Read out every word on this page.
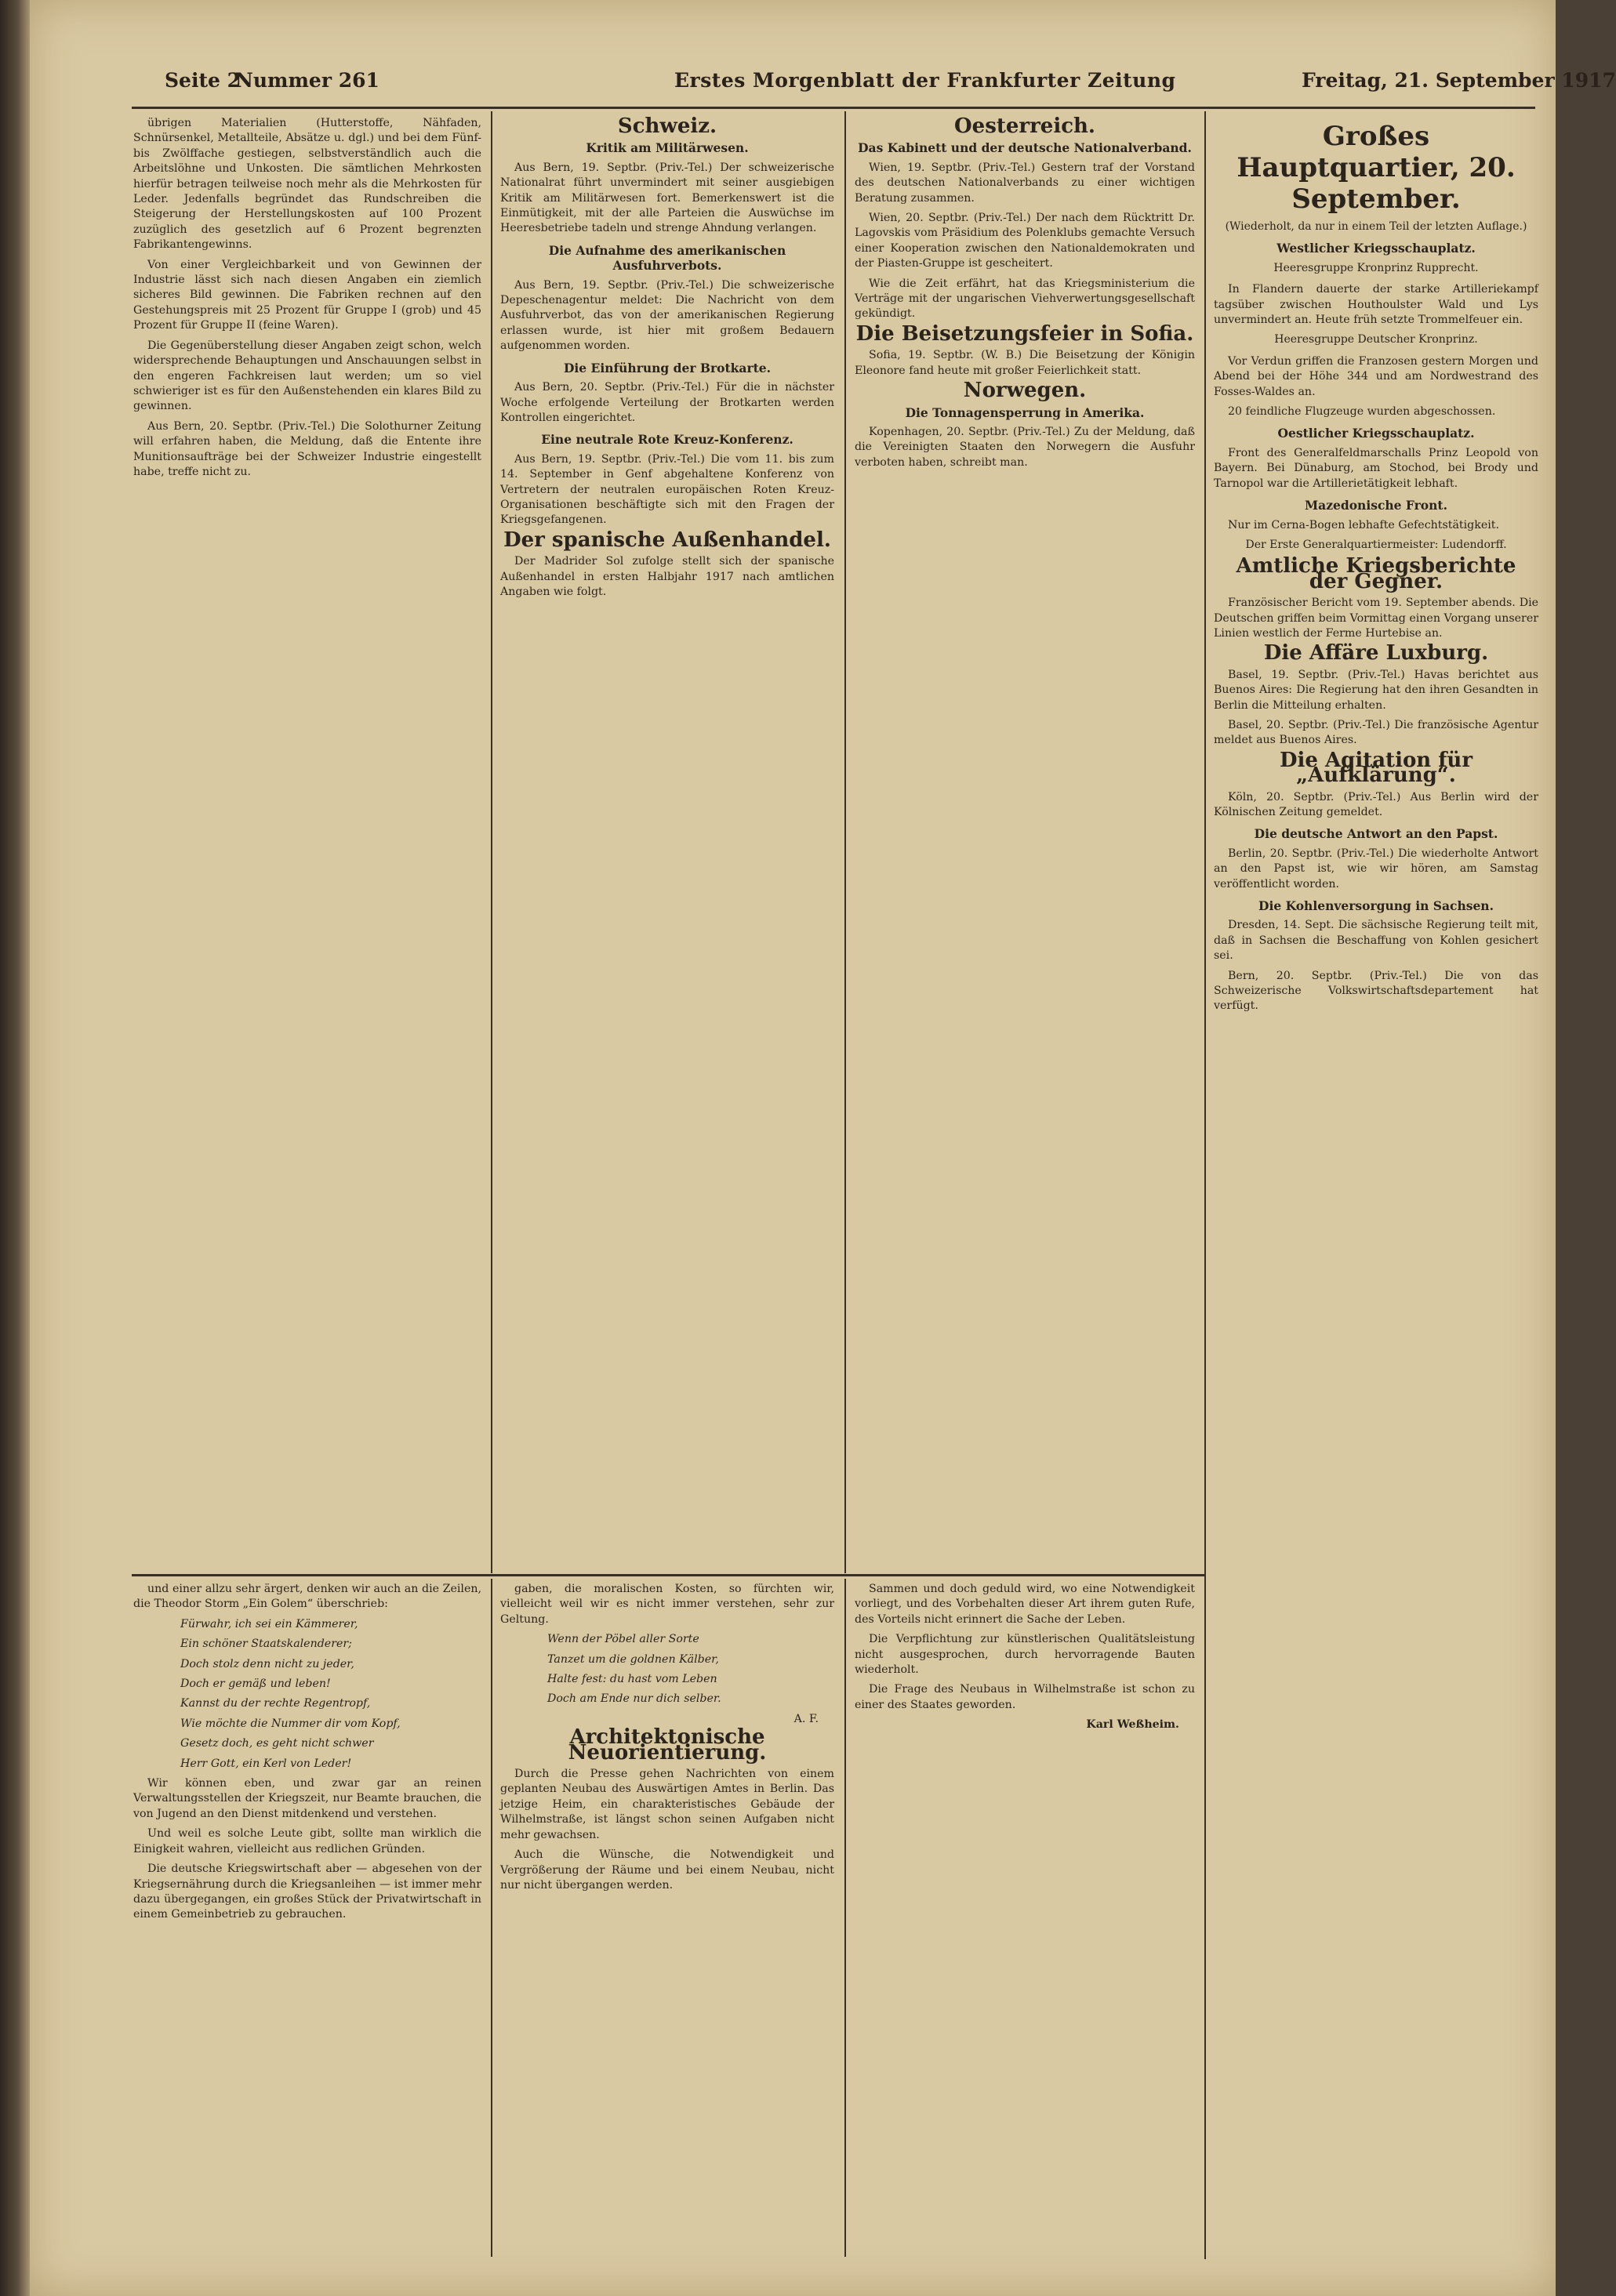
Seite 2
Nummer 261	Erstes Morgenblatt der Frankfurter Zeitung	Freitag, 21. September 1917

übrigen Materialien (Hutterstoffe, Nähfaden, Schnürsenkel, Metallteile, Absätze u. dgl.) und bei dem Fünf- bis Zwölffache gestiegen, selbstverständlich auch die Arbeitslöhne und Unkosten. Die sämtlichen Mehrkosten hierfür betragen teilweise noch mehr als die Mehrkosten für Leder. Jedenfalls begründet das Rundschreiben die Steigerung der Herstellungskosten auf 100 Prozent zuzüglich des gesetzlich auf 6 Prozent begrenzten Fabrikantengewinns.

Von einer Vergleichbarkeit und von Gewinnen der Industrie lässt sich nach diesen Angaben ein ziemlich sicheres Bild gewinnen. Die Fabriken rechnen auf den Gestehungspreis mit 25 Prozent für Gruppe I (grob) und 45 Prozent für Gruppe II (feine Waren).

Die Gegenüberstellung dieser Angaben zeigt schon, welch widersprechende Behauptungen und Anschauungen selbst in den engeren Fachkreisen laut werden; um so viel schwieriger ist es für den Außenstehenden ein klares Bild zu gewinnen.

Aus Bern, 20. Septbr. (Priv.-Tel.) Die Solothurner Zeitung will erfahren haben, die Meldung, daß die Entente ihre Munitionsaufträge bei der Schweizer Industrie eingestellt habe, treffe nicht zu.

Schweiz.
Kritik am Militärwesen.

Aus Bern, 19. Septbr. (Priv.-Tel.) Der schweizerische Nationalrat führt unvermindert mit seiner ausgiebigen Kritik am Militärwesen fort. Bemerkenswert ist die Einmütigkeit, mit der alle Parteien die Auswüchse im Heeresbetriebe tadeln und strenge Ahndung verlangen.

Die Aufnahme des amerikanischen Ausfuhrverbots.

Aus Bern, 19. Septbr. (Priv.-Tel.) Die schweizerische Depeschenagentur meldet: Die Nachricht von dem Ausfuhrverbot, das von der amerikanischen Regierung erlassen wurde, ist hier mit großem Bedauern aufgenommen worden.

Die Einführung der Brotkarte.

Aus Bern, 20. Septbr. (Priv.-Tel.) Für die in nächster Woche erfolgende Verteilung der Brotkarten werden Kontrollen eingerichtet.

Eine neutrale Rote Kreuz-Konferenz.

Aus Bern, 19. Septbr. (Priv.-Tel.) Die vom 11. bis zum 14. September in Genf abgehaltene Konferenz von Vertretern der neutralen europäischen Roten Kreuz-Organisationen beschäftigte sich mit den Fragen der Kriegsgefangenen.

Der spanische Außenhandel.

Der Madrider Sol zufolge stellt sich der spanische Außenhandel in ersten Halbjahr 1917 nach amtlichen Angaben wie folgt.

Oesterreich.
Das Kabinett und der deutsche Nationalverband.

Wien, 19. Septbr. (Priv.-Tel.) Gestern traf der Vorstand des deutschen Nationalverbands zu einer wichtigen Beratung zusammen.

Wien, 20. Septbr. (Priv.-Tel.) Der nach dem Rücktritt Dr. Lagovskis vom Präsidium des Polenklubs gemachte Versuch einer Kooperation zwischen den Nationaldemokraten und der Piasten-Gruppe ist gescheitert.

Wie die Zeit erfährt, hat das Kriegsministerium die Verträge mit der ungarischen Viehverwertungsgesellschaft gekündigt.

Die Beisetzungsfeier in Sofia.

Sofia, 19. Septbr. (W. B.) Die Beisetzung der Königin Eleonore fand heute mit großer Feierlichkeit statt.

Norwegen.
Die Tonnagensperrung in Amerika.

Kopenhagen, 20. Septbr. (Priv.-Tel.) Zu der Meldung, daß die Vereinigten Staaten den Norwegern die Ausfuhr verboten haben, schreibt man.

Großes Hauptquartier, 20. September.
(Wiederholt, da nur in einem Teil der letzten Auflage.)
Westlicher Kriegsschauplatz.
Heeresgruppe Kronprinz Rupprecht.

In Flandern dauerte der starke Artilleriekampf tagsüber zwischen Houthoulster Wald und Lys unvermindert an. Heute früh setzte Trommelfeuer ein.

Heeresgruppe Deutscher Kronprinz.

Vor Verdun griffen die Franzosen gestern Morgen und Abend bei der Höhe 344 und am Nordwestrand des Fosses-Waldes an.

20 feindliche Flugzeuge wurden abgeschossen.

Oestlicher Kriegsschauplatz.

Front des Generalfeldmarschalls Prinz Leopold von Bayern. Bei Dünaburg, am Stochod, bei Brody und Tarnopol war die Artillerietätigkeit lebhaft.

Mazedonische Front.

Nur im Cerna-Bogen lebhafte Gefechtstätigkeit.

Der Erste Generalquartiermeister: Ludendorff.
Amtliche Kriegsberichte der Gegner.

Französischer Bericht vom 19. September abends. Die Deutschen griffen beim Vormittag einen Vorgang unserer Linien westlich der Ferme Hurtebise an.

Die Affäre Luxburg.

Basel, 19. Septbr. (Priv.-Tel.) Havas berichtet aus Buenos Aires: Die Regierung hat den ihren Gesandten in Berlin die Mitteilung erhalten.

Basel, 20. Septbr. (Priv.-Tel.) Die französische Agentur meldet aus Buenos Aires.

Die Agitation für „Aufklärung“.

Köln, 20. Septbr. (Priv.-Tel.) Aus Berlin wird der Kölnischen Zeitung gemeldet.

Die deutsche Antwort an den Papst.

Berlin, 20. Septbr. (Priv.-Tel.) Die wiederholte Antwort an den Papst ist, wie wir hören, am Samstag veröffentlicht worden.

Die Kohlenversorgung in Sachsen.

Dresden, 14. Sept. Die sächsische Regierung teilt mit, daß in Sachsen die Beschaffung von Kohlen gesichert sei.

Bern, 20. Septbr. (Priv.-Tel.) Die von das Schweizerische Volkswirtschaftsdepartement hat verfügt.

und einer allzu sehr ärgert, denken wir auch an die Zeilen, die Theodor Storm „Ein Golem“ überschrieb:

Fürwahr, ich sei ein Kämmerer,

Ein schöner Staatskalenderer;

Doch stolz denn nicht zu jeder,

Doch er gemäß und leben!

Kannst du der rechte Regentropf,

Wie möchte die Nummer dir vom Kopf,

Gesetz doch, es geht nicht schwer

Herr Gott, ein Kerl von Leder!

Wir können eben, und zwar gar an reinen Verwaltungsstellen der Kriegszeit, nur Beamte brauchen, die von Jugend an den Dienst mitdenkend und verstehen.

Und weil es solche Leute gibt, sollte man wirklich die Einigkeit wahren, vielleicht aus redlichen Gründen.

Die deutsche Kriegswirtschaft aber — abgesehen von der Kriegsernährung durch die Kriegsanleihen — ist immer mehr dazu übergegangen, ein großes Stück der Privatwirtschaft in einem Gemeinbetrieb zu gebrauchen.

gaben, die moralischen Kosten, so fürchten wir, vielleicht weil wir es nicht immer verstehen, sehr zur Geltung.

Wenn der Pöbel aller Sorte

Tanzet um die goldnen Kälber,

Halte fest: du hast vom Leben

Doch am Ende nur dich selber.

A. F.
Architektonische Neuorientierung.

Durch die Presse gehen Nachrichten von einem geplanten Neubau des Auswärtigen Amtes in Berlin. Das jetzige Heim, ein charakteristisches Gebäude der Wilhelmstraße, ist längst schon seinen Aufgaben nicht mehr gewachsen.

Auch die Wünsche, die Notwendigkeit und Vergrößerung der Räume und bei einem Neubau, nicht nur nicht übergangen werden.

Sammen und doch geduld wird, wo eine Notwendigkeit vorliegt, und des Vorbehalten dieser Art ihrem guten Rufe, des Vorteils nicht erinnert die Sache der Leben.

Die Verpflichtung zur künstlerischen Qualitätsleistung nicht ausgesprochen, durch hervorragende Bauten wiederholt.

Die Frage des Neubaus in Wilhelmstraße ist schon zu einer des Staates geworden.

Karl Weßheim.
